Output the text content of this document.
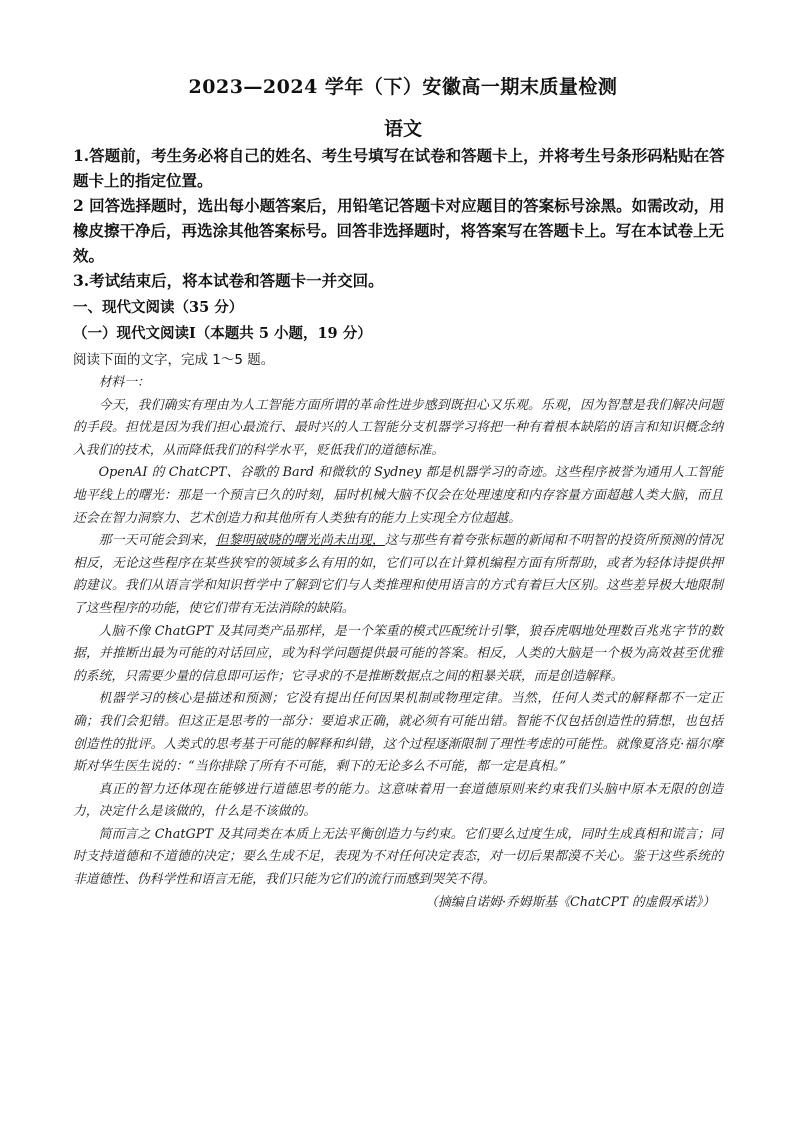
2023—2024 学年（下）安徽高一期末质量检测
语文

1.答题前，考生务必将自己的姓名、考生号填写在试卷和答题卡上，并将考生号条形码粘贴在答题卡上的指定位置。

2 回答选择题时，选出每小题答案后，用铅笔记答题卡对应题目的答案标号涂黑。如需改动，用橡皮擦干净后，再选涂其他答案标号。回答非选择题时，将答案写在答题卡上。写在本试卷上无效。

3.考试结束后，将本试卷和答题卡一并交回。

一、现代文阅读（35 分）
（一）现代文阅读Ⅰ（本题共 5 小题，19 分）
阅读下面的文字，完成 1～5 题。

材料一：

今天，我们确实有理由为人工智能方面所谓的革命性进步感到既担心又乐观。乐观，因为智慧是我们解决问题的手段。担忧是因为我们担心最流行、最时兴的人工智能分支机器学习将把一种有着根本缺陷的语言和知识概念纳入我们的技术，从而降低我们的科学水平，贬低我们的道德标准。

OpenAI 的 ChatCPT、谷歌的 Bard 和微软的 Sydney 都是机器学习的奇迹。这些程序被誉为通用人工智能地平线上的曙光：那是一个预言已久的时刻，届时机械大脑不仅会在处理速度和内存容量方面超越人类大脑，而且还会在智力洞察力、艺术创造力和其他所有人类独有的能力上实现全方位超越。

那一天可能会到来，但黎明破晓的曙光尚未出现，这与那些有着夸张标题的新闻和不明智的投资所预测的情况相反，无论这些程序在某些狭窄的领域多么有用的如，它们可以在计算机编程方面有所帮助，或者为轻体诗提供押韵建议。我们从语言学和知识哲学中了解到它们与人类推理和使用语言的方式有着巨大区别。这些差异极大地限制了这些程序的功能，使它们带有无法消除的缺陷。

人脑不像 ChatGPT 及其同类产品那样，是一个笨重的模式匹配统计引擎，狼吞虎咽地处理数百兆兆字节的数据，并推断出最为可能的对话回应，或为科学问题提供最可能的答案。相反，人类的大脑是一个极为高效甚至优雅的系统，只需要少量的信息即可运作；它寻求的不是推断数据点之间的粗暴关联，而是创造解释。

机器学习的核心是描述和预测；它没有提出任何因果机制或物理定律。当然，任何人类式的解释都不一定正确；我们会犯错。但这正是思考的一部分：要追求正确，就必须有可能出错。智能不仅包括创造性的猜想，也包括创造性的批评。人类式的思考基于可能的解释和纠错，这个过程逐渐限制了理性考虑的可能性。就像夏洛克·福尔摩斯对华生医生说的：“当你排除了所有不可能，剩下的无论多么不可能，都一定是真相。”

真正的智力还体现在能够进行道德思考的能力。这意味着用一套道德原则来约束我们头脑中原本无限的创造力，决定什么是该做的，什么是不该做的。

简而言之 ChatGPT 及其同类在本质上无法平衡创造力与约束。它们要么过度生成，同时生成真相和谎言；同时支持道德和不道德的决定；要么生成不足，表现为不对任何决定表态，对一切后果都漠不关心。鉴于这些系统的非道德性、伪科学性和语言无能，我们只能为它们的流行而感到哭笑不得。

（摘编自诺姆·乔姆斯基《ChatCPT 的虚假承诺》）
